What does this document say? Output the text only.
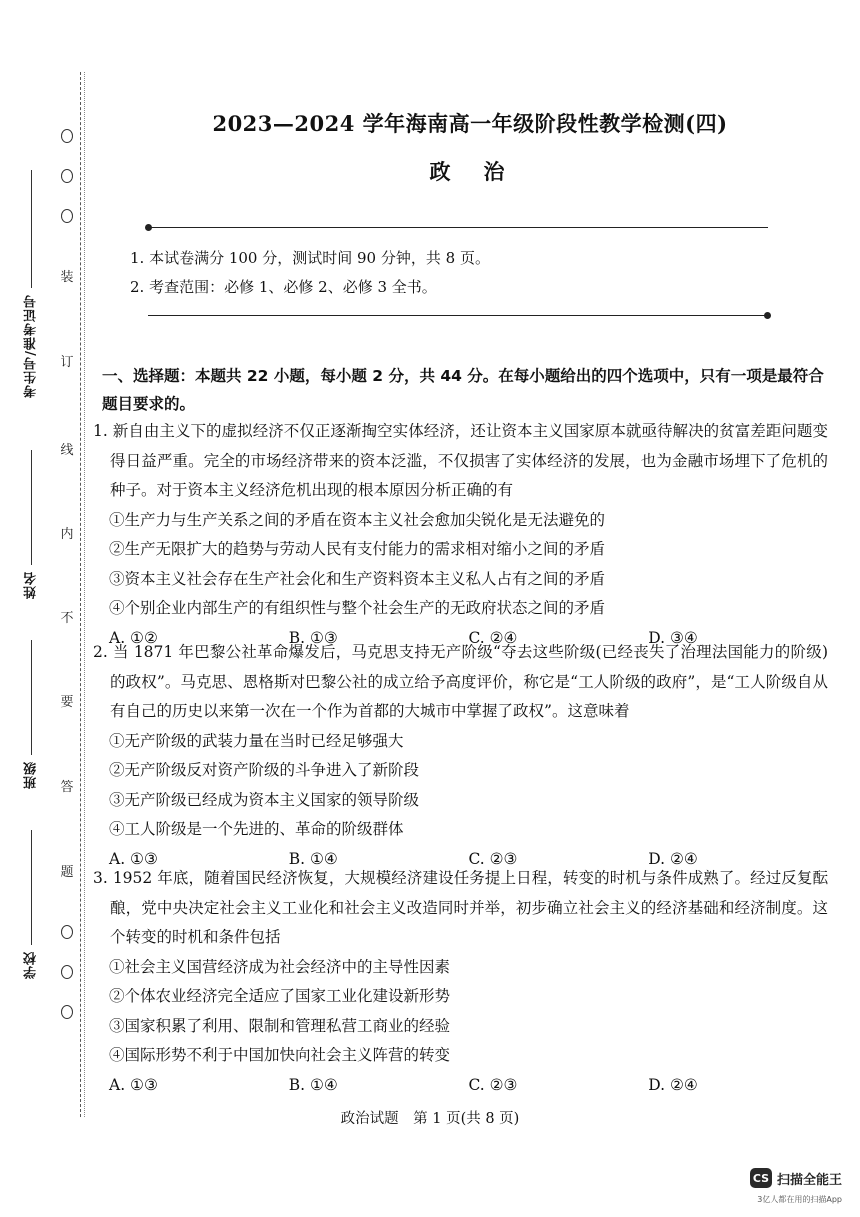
装
订
线
内
不
要
答
题
考生号/准考证号
姓名
班级
学校
2023—2024 学年海南高一年级阶段性教学检测(四)
政　治
1. 本试卷满分 100 分，测试时间 90 分钟，共 8 页。
2. 考查范围：必修 1、必修 2、必修 3 全书。
一、选择题：本题共 22 小题，每小题 2 分，共 44 分。在每小题给出的四个选项中，只有一项是最符合题目要求的。
1. 新自由主义下的虚拟经济不仅正逐渐掏空实体经济，还让资本主义国家原本就亟待解决的贫富差距问题变得日益严重。完全的市场经济带来的资本泛滥，不仅损害了实体经济的发展，也为金融市场埋下了危机的种子。对于资本主义经济危机出现的根本原因分析正确的有
①生产力与生产关系之间的矛盾在资本主义社会愈加尖锐化是无法避免的
②生产无限扩大的趋势与劳动人民有支付能力的需求相对缩小之间的矛盾
③资本主义社会存在生产社会化和生产资料资本主义私人占有之间的矛盾
④个别企业内部生产的有组织性与整个社会生产的无政府状态之间的矛盾
A. ①②	B. ①③	C. ②④	D. ③④
2. 当 1871 年巴黎公社革命爆发后，马克思支持无产阶级“夺去这些阶级(已经丧失了治理法国能力的阶级)的政权”。马克思、恩格斯对巴黎公社的成立给予高度评价，称它是“工人阶级的政府”，是“工人阶级自从有自己的历史以来第一次在一个作为首都的大城市中掌握了政权”。这意味着
①无产阶级的武装力量在当时已经足够强大
②无产阶级反对资产阶级的斗争进入了新阶段
③无产阶级已经成为资本主义国家的领导阶级
④工人阶级是一个先进的、革命的阶级群体
A. ①③	B. ①④	C. ②③	D. ②④
3. 1952 年底，随着国民经济恢复，大规模经济建设任务提上日程，转变的时机与条件成熟了。经过反复酝酿，党中央决定社会主义工业化和社会主义改造同时并举，初步确立社会主义的经济基础和经济制度。这个转变的时机和条件包括
①社会主义国营经济成为社会经济中的主导性因素
②个体农业经济完全适应了国家工业化建设新形势
③国家积累了利用、限制和管理私营工商业的经验
④国际形势不利于中国加快向社会主义阵营的转变
A. ①③	B. ①④	C. ②③	D. ②④
政治试题　第 1 页(共 8 页)
CS 扫描全能王
3亿人都在用的扫描App
